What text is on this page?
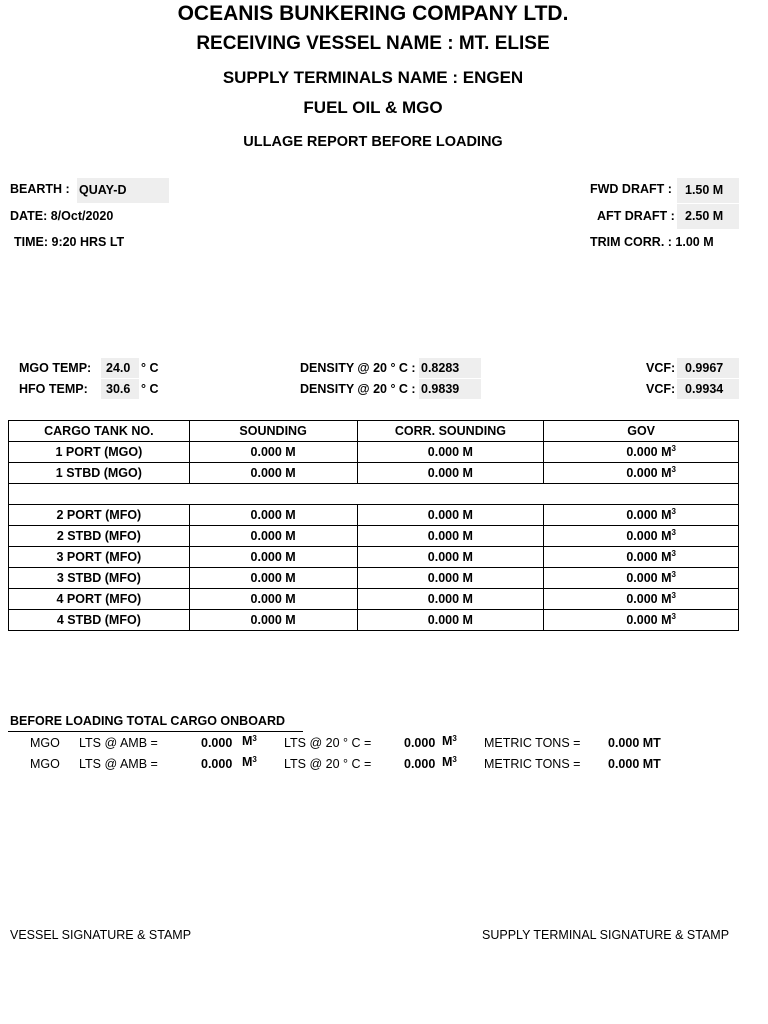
OCEANIS BUNKERING COMPANY LTD.
RECEIVING VESSEL NAME : MT. ELISE
SUPPLY TERMINALS NAME : ENGEN
FUEL OIL & MGO
ULLAGE REPORT BEFORE LOADING
BEARTH : QUAY-D
DATE: 8/Oct/2020
TIME: 9:20 HRS LT
FWD DRAFT :	1.50 M
AFT DRAFT : 2.50 M
TRIM CORR. : 1.00 M
MGO TEMP:	24.0 ° C
HFO TEMP:	30.6 ° C
DENSITY @ 20 ° C : 0.8283
DENSITY @ 20 ° C : 0.9839
VCF: 0.9967
VCF: 0.9934
CARGO TANK NO.	SOUNDING	CORR. SOUNDING	GOV
1 PORT (MGO)	0.000 M	0.000 M	0.000 $M^3$
1 STBD (MGO)	0.000 M	0.000 M	0.000 $M^3$

2 PORT (MFO)	0.000 M	0.000 M	0.000 $M^3$
2 STBD (MFO)	0.000 M	0.000 M	0.000 $M^3$
3 PORT (MFO)	0.000 M	0.000 M	0.000 $M^3$
3 STBD (MFO)	0.000 M	0.000 M	0.000 $M^3$
4 PORT (MFO)	0.000 M	0.000 M	0.000 $M^3$
4 STBD (MFO)	0.000 M	0.000 M	0.000 $M^3$
BEFORE LOADING TOTAL CARGO ONBOARD
MGO LTS @ AMB =	0.000 $M^3$ LTS @ 20 ° C =	0.000 $M^3$ METRIC TONS = 0.000 MT
MGO LTS @ AMB =	0.000 $M^3$ LTS @ 20 ° C =	0.000 $M^3$ METRIC TONS = 0.000 MT
VESSEL SIGNATURE & STAMP	SUPPLY TERMINAL SIGNATURE & STAMP
